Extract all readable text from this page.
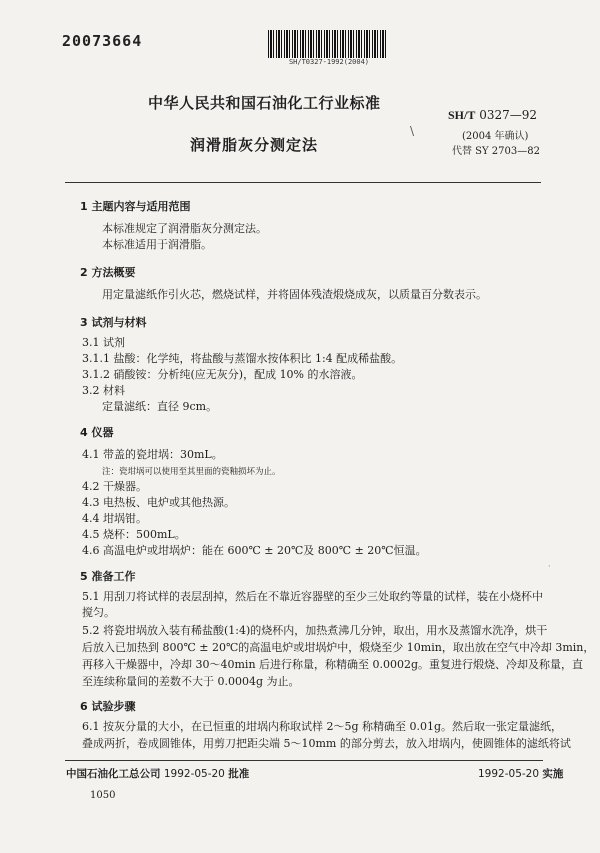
20073664
SH/T0327-1992(2004)
中华人民共和国石油化工行业标准
SH/T 0327—92
润滑脂灰分测定法
\	(2004 年确认)
代替 SY 2703—82
1 主题内容与适用范围
本标准规定了润滑脂灰分测定法。
本标准适用于润滑脂。
2 方法概要
用定量滤纸作引火芯，燃烧试样，并将固体残渣煅烧成灰，以质量百分数表示。
3 试剂与材料
3.1 试剂
3.1.1 盐酸：化学纯，将盐酸与蒸馏水按体积比 1:4 配成稀盐酸。
3.1.2 硝酸铵：分析纯(应无灰分)，配成 10% 的水溶液。
3.2 材料
定量滤纸：直径 9cm。
4 仪器
4.1 带盖的瓷坩埚：30mL。
注：瓷坩埚可以使用至其里面的瓷釉损坏为止。
4.2 干燥器。
4.3 电热板、电炉或其他热源。
4.4 坩埚钳。
4.5 烧杯：500mL。
4.6 高温电炉或坩埚炉：能在 600℃ ± 20℃及 800℃ ± 20℃恒温。
·
5 准备工作
5.1 用刮刀将试样的表层刮掉，然后在不靠近容器壁的至少三处取约等量的试样，装在小烧杯中
搅匀。
5.2 将瓷坩埚放入装有稀盐酸(1:4)的烧杯内，加热煮沸几分钟，取出，用水及蒸馏水洗净，烘干
后放入已加热到 800℃ ± 20℃的高温电炉或坩埚炉中，煅烧至少 10min，取出放在空气中冷却 3min，
再移入干燥器中，冷却 30～40min 后进行称量，称精确至 0.0002g。重复进行煅烧、冷却及称量，直
至连续称量间的差数不大于 0.0004g 为止。
6 试验步骤
6.1 按灰分量的大小，在已恒重的坩埚内称取试样 2～5g 称精确至 0.01g。然后取一张定量滤纸，
叠成两折，卷成圆锥体，用剪刀把距尖端 5～10mm 的部分剪去，放入坩埚内，使圆锥体的滤纸将试
中国石油化工总公司 1992-05-20 批准	1992-05-20 实施
1050
